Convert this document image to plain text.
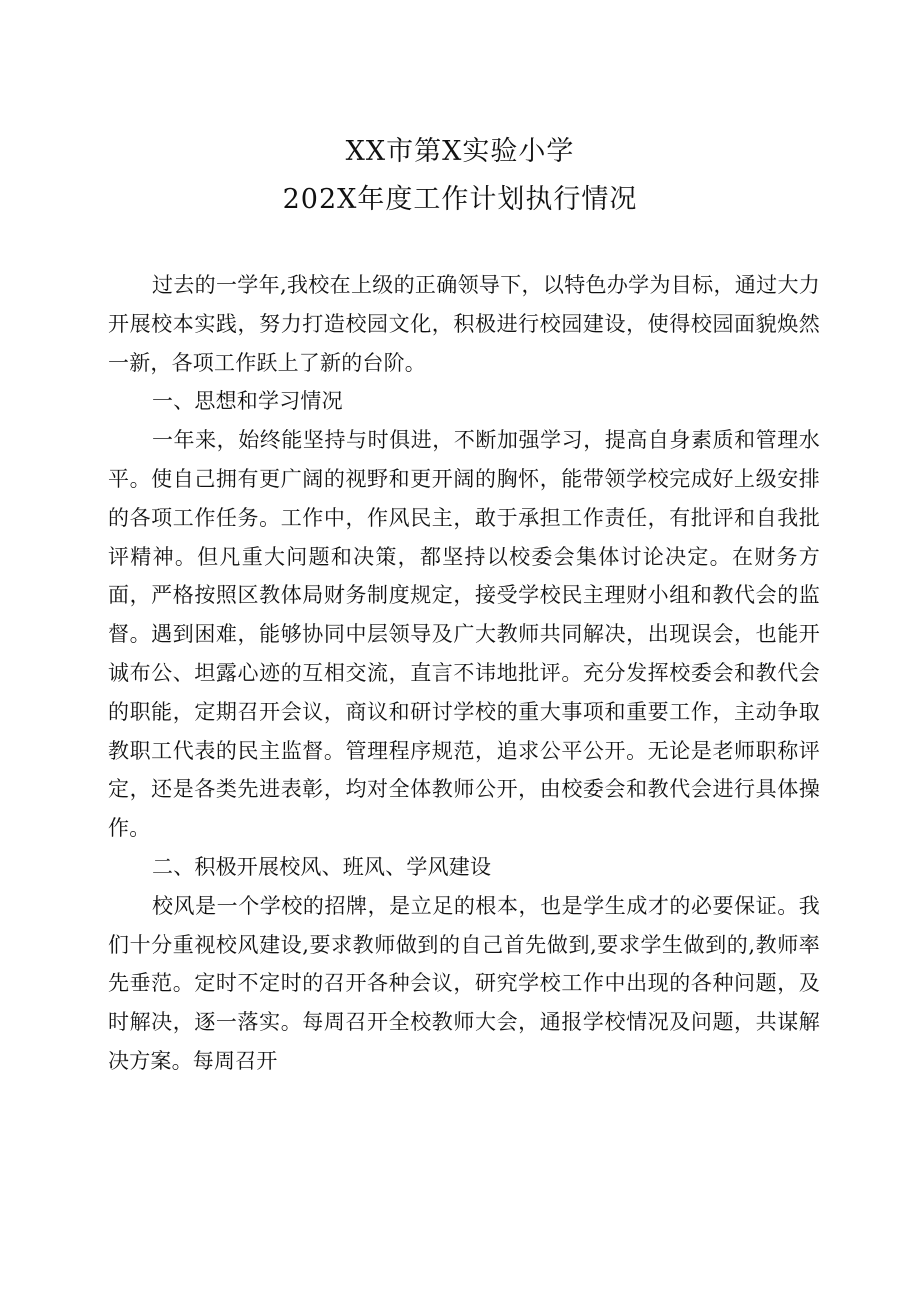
XX市第X实验小学
202X年度工作计划执行情况

过去的一学年,我校在上级的正确领导下，以特色办学为目标，通过大力开展校本实践，努力打造校园文化，积极进行校园建设，使得校园面貌焕然一新，各项工作跃上了新的台阶。

一、思想和学习情况

一年来，始终能坚持与时俱进，不断加强学习，提高自身素质和管理水平。使自己拥有更广阔的视野和更开阔的胸怀，能带领学校完成好上级安排的各项工作任务。工作中，作风民主，敢于承担工作责任，有批评和自我批评精神。但凡重大问题和决策，都坚持以校委会集体讨论决定。在财务方面，严格按照区教体局财务制度规定，接受学校民主理财小组和教代会的监督。遇到困难，能够协同中层领导及广大教师共同解决，出现误会，也能开诚布公、坦露心迹的互相交流，直言不讳地批评。充分发挥校委会和教代会的职能，定期召开会议，商议和研讨学校的重大事项和重要工作，主动争取教职工代表的民主监督。管理程序规范，追求公平公开。无论是老师职称评定，还是各类先进表彰，均对全体教师公开，由校委会和教代会进行具体操作。

二、积极开展校风、班风、学风建设

校风是一个学校的招牌，是立足的根本，也是学生成才的必要保证。我们十分重视校风建设,要求教师做到的自己首先做到,要求学生做到的,教师率先垂范。定时不定时的召开各种会议，研究学校工作中出现的各种问题，及时解决，逐一落实。每周召开全校教师大会，通报学校情况及问题，共谋解决方案。每周召开
